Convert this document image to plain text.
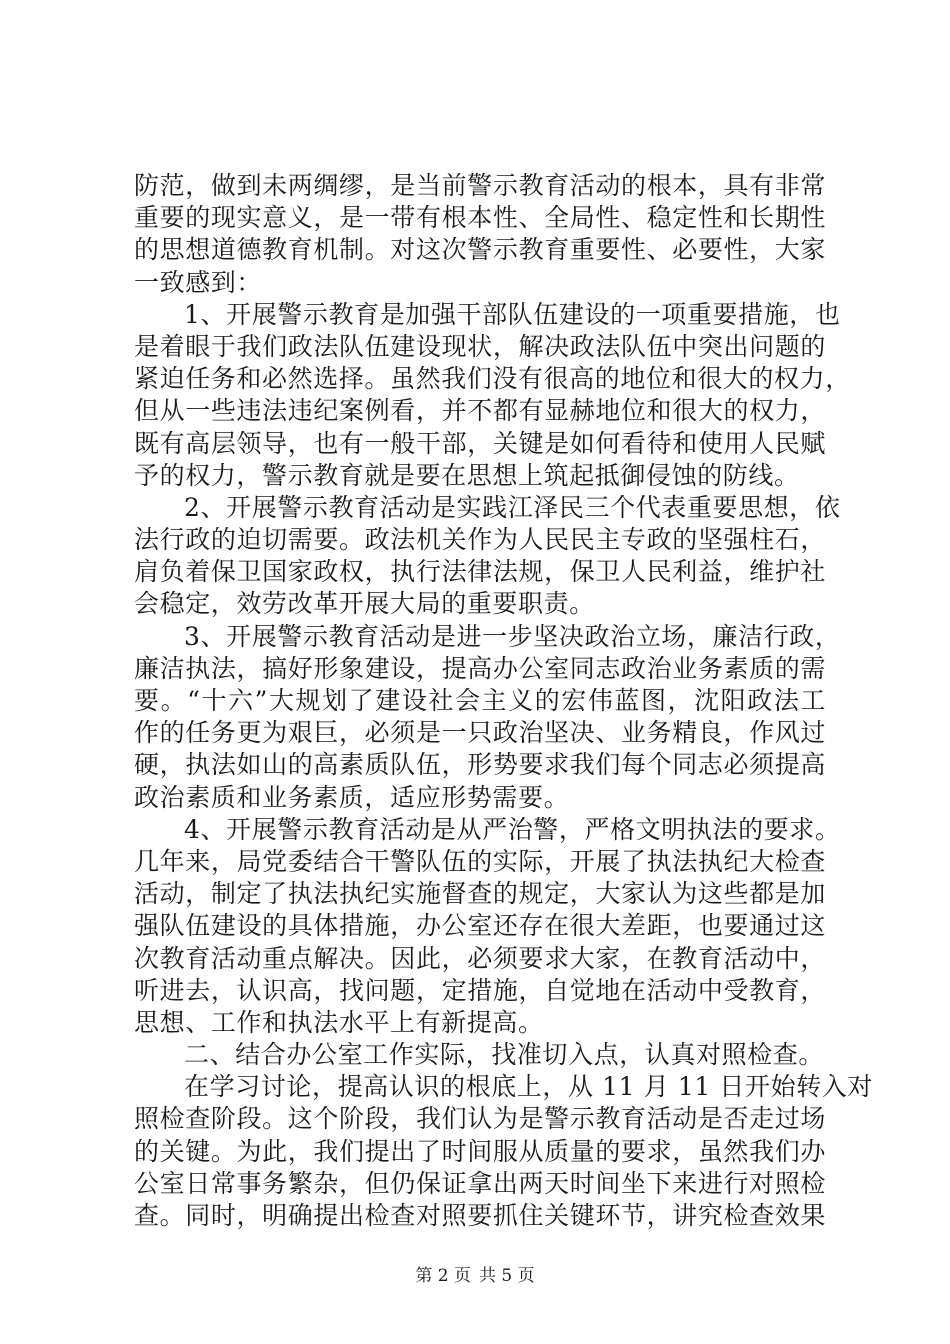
防范，做到未两绸缪，是当前警示教育活动的根本，具有非常
重要的现实意义，是一带有根本性、全局性、稳定性和长期性
的思想道德教育机制。对这次警示教育重要性、必要性，大家
一致感到：
1、开展警示教育是加强干部队伍建设的一项重要措施，也
是着眼于我们政法队伍建设现状，解决政法队伍中突出问题的
紧迫任务和必然选择。虽然我们没有很高的地位和很大的权力，
但从一些违法违纪案例看，并不都有显赫地位和很大的权力，
既有高层领导，也有一般干部，关键是如何看待和使用人民赋
予的权力，警示教育就是要在思想上筑起抵御侵蚀的防线。
2、开展警示教育活动是实践江泽民三个代表重要思想，依
法行政的迫切需要。政法机关作为人民民主专政的坚强柱石，
肩负着保卫国家政权，执行法律法规，保卫人民利益，维护社
会稳定，效劳改革开展大局的重要职责。
3、开展警示教育活动是进一步坚决政治立场，廉洁行政，
廉洁执法，搞好形象建设，提高办公室同志政治业务素质的需
要。“十六”大规划了建设社会主义的宏伟蓝图，沈阳政法工
作的任务更为艰巨，必须是一只政治坚决、业务精良，作风过
硬，执法如山的高素质队伍，形势要求我们每个同志必须提高
政治素质和业务素质，适应形势需要。
4、开展警示教育活动是从严治警，严格文明执法的要求。
几年来，局党委结合干警队伍的实际，开展了执法执纪大检查
活动，制定了执法执纪实施督查的规定，大家认为这些都是加
强队伍建设的具体措施，办公室还存在很大差距，也要通过这
次教育活动重点解决。因此，必须要求大家，在教育活动中，
听进去，认识高，找问题，定措施，自觉地在活动中受教育，
思想、工作和执法水平上有新提高。
二、结合办公室工作实际，找准切入点，认真对照检查。
在学习讨论，提高认识的根底上，从 11 月 11 日开始转入对
照检查阶段。这个阶段，我们认为是警示教育活动是否走过场
的关键。为此，我们提出了时间服从质量的要求，虽然我们办
公室日常事务繁杂，但仍保证拿出两天时间坐下来进行对照检
查。同时，明确提出检查对照要抓住关键环节，讲究检查效果
第 2 页 共 5 页
